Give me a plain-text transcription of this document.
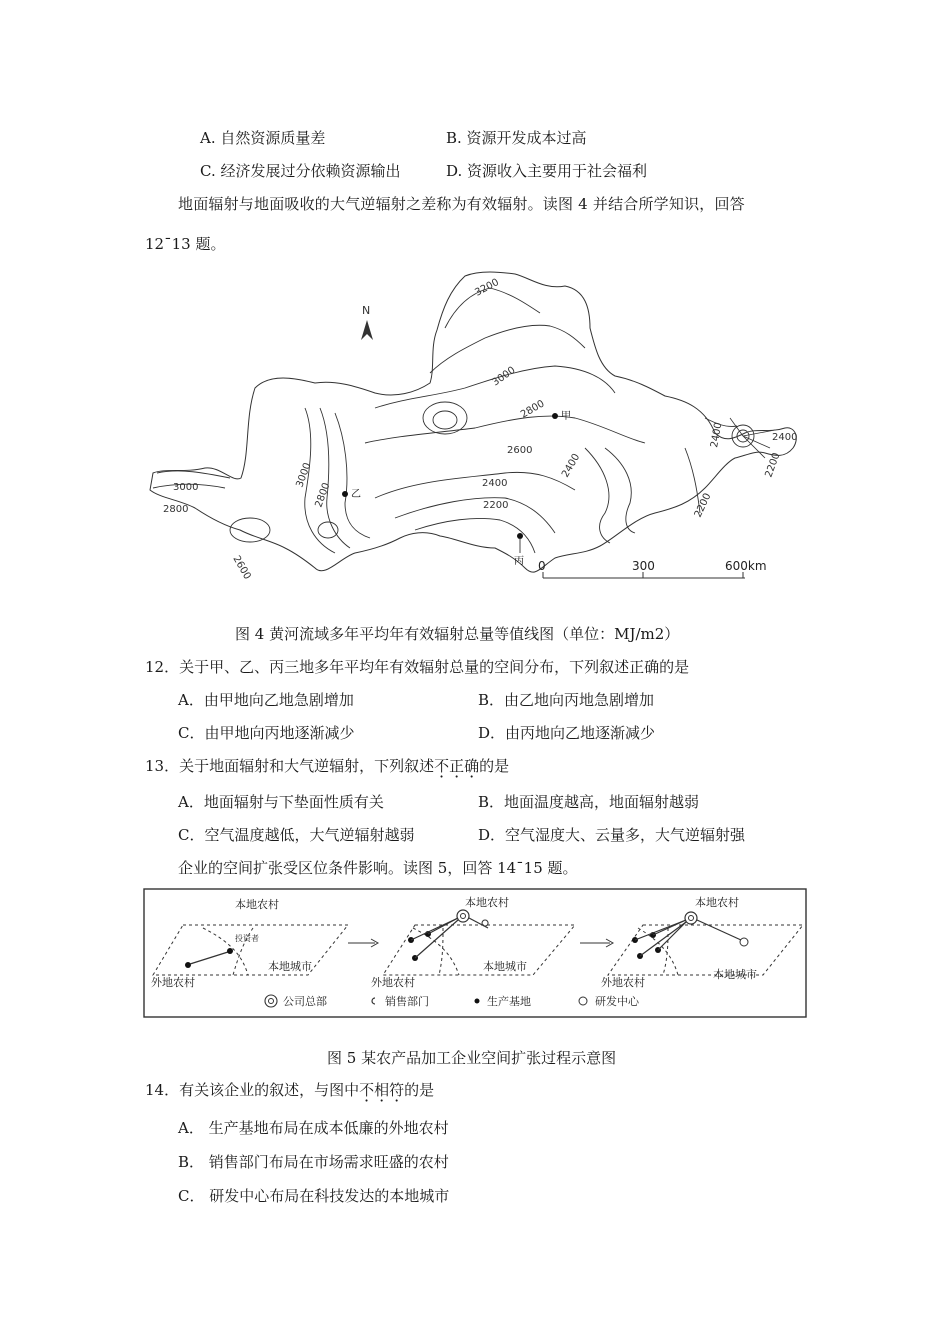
A. 自然资源质量差	B. 资源开发成本过高
C. 经济发展过分依赖资源输出	D. 资源收入主要用于社会福利
地面辐射与地面吸收的大气逆辐射之差称为有效辐射。读图 4 并结合所学知识，回答
12¯13 题。
N
3200
3000
2800
2600
2400
2400	2400
2200
2200
3000
2800
3000
2800
2600
2400
2200
甲
乙
丙 0	300	600km
图 4 黄河流域多年平均年有效辐射总量等值线图（单位：MJ/m2）
12．关于甲、乙、丙三地多年平均年有效辐射总量的空间分布，下列叙述正确的是
A．由甲地向乙地急剧增加	B．由乙地向丙地急剧增加
C．由甲地向丙地逐渐减少	D．由丙地向乙地逐渐减少
13．关于地面辐射和大气逆辐射，下列叙述不正确的是
A．地面辐射与下垫面性质有关	B．地面温度越高，地面辐射越弱
C．空气温度越低，大气逆辐射越弱	D．空气湿度大、云量多，大气逆辐射强
企业的空间扩张受区位条件影响。读图 5，回答 14¯15 题。
本地农村
投资者
外地农村
本地城市
本地农村
外地农村
本地城市
本地农村
外地农村
本地城市
公司总部	销售部门	生产基地	研发中心
图 5 某农产品加工企业空间扩张过程示意图
14．有关该企业的叙述，与图中不相符的是
A． 生产基地布局在成本低廉的外地农村
B． 销售部门布局在市场需求旺盛的农村
C． 研发中心布局在科技发达的本地城市
